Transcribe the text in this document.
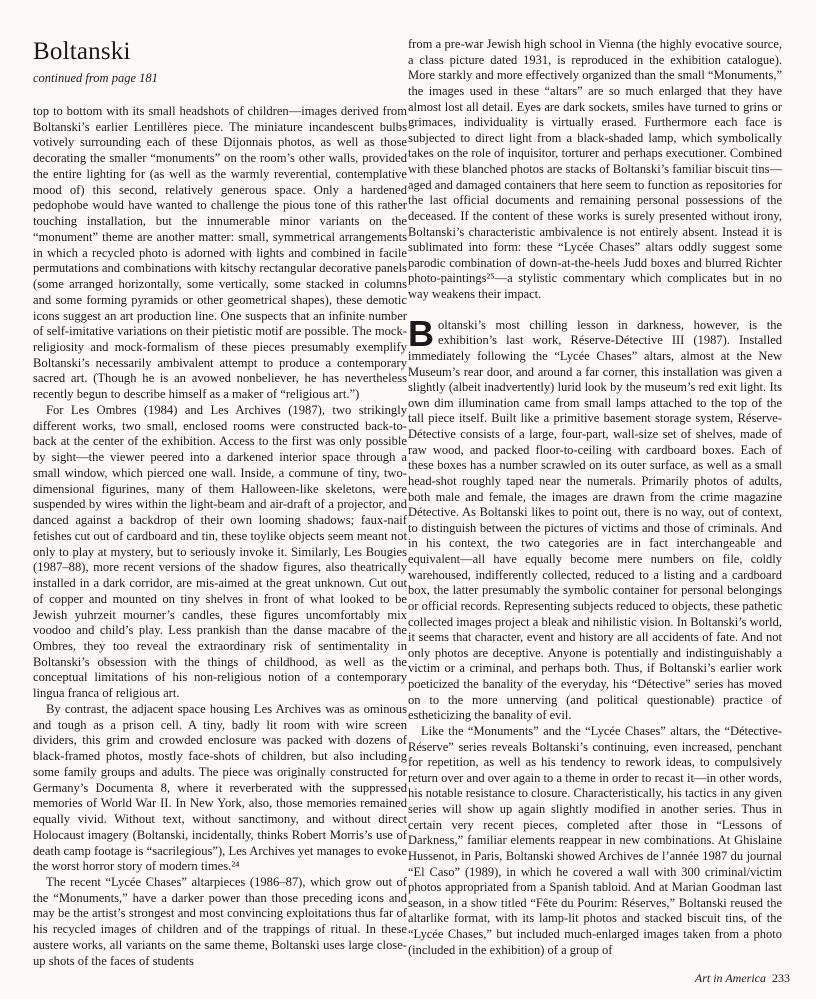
Boltanski
continued from page 181

top to bottom with its small headshots of children—images derived from Boltanski’s earlier Lentillères piece. The miniature incandescent bulbs votively surrounding each of these Dijonnais photos, as well as those decorating the smaller “monuments” on the room’s other walls, provided the entire lighting for (as well as the warmly reverential, contemplative mood of) this second, relatively generous space. Only a hardened pedophobe would have wanted to challenge the pious tone of this rather touching installation, but the innumerable minor variants on the “monument” theme are another matter: small, symmetrical arrangements in which a recycled photo is adorned with lights and combined in facile permutations and combinations with kitschy rectangular decorative panels (some arranged horizontally, some vertically, some stacked in columns and some forming pyramids or other geometrical shapes), these demotic icons suggest an art production line. One suspects that an infinite number of self-imitative variations on their pietistic motif are possible. The mock-religiosity and mock-formalism of these pieces presumably exemplify Boltanski’s necessarily ambivalent attempt to produce a contemporary sacred art. (Though he is an avowed nonbeliever, he has nevertheless recently begun to describe himself as a maker of “religious art.”)

For Les Ombres (1984) and Les Archives (1987), two strikingly different works, two small, enclosed rooms were constructed back-to-back at the center of the exhibition. Access to the first was only possible by sight—the viewer peered into a darkened interior space through a small window, which pierced one wall. Inside, a commune of tiny, two-dimensional figurines, many of them Halloween-like skeletons, were suspended by wires within the light-beam and air-draft of a projector, and danced against a backdrop of their own looming shadows; faux-naif fetishes cut out of cardboard and tin, these toylike objects seem meant not only to play at mystery, but to seriously invoke it. Similarly, Les Bougies (1987–88), more recent versions of the shadow figures, also theatrically installed in a dark corridor, are mis-aimed at the great unknown. Cut out of copper and mounted on tiny shelves in front of what looked to be Jewish yuhrzeit mourner’s candles, these figures uncomfortably mix voodoo and child’s play. Less prankish than the danse macabre of the Ombres, they too reveal the extraordinary risk of sentimentality in Boltanski’s obsession with the things of childhood, as well as the conceptual limitations of his non-religious notion of a contemporary lingua franca of religious art.

By contrast, the adjacent space housing Les Archives was as ominous and tough as a prison cell. A tiny, badly lit room with wire screen dividers, this grim and crowded enclosure was packed with dozens of black-framed photos, mostly face-shots of children, but also including some family groups and adults. The piece was originally constructed for Germany’s Documenta 8, where it reverberated with the suppressed memories of World War II. In New York, also, those memories remained equally vivid. Without text, without sanctimony, and without direct Holocaust imagery (Boltanski, incidentally, thinks Robert Morris’s use of death camp footage is “sacrilegious”), Les Archives yet manages to evoke the worst horror story of modern times.²⁴

The recent “Lycée Chases” altarpieces (1986–87), which grow out of the “Monuments,” have a darker power than those preceding icons and may be the artist’s strongest and most convincing exploitations thus far of his recycled images of children and of the trappings of ritual. In these austere works, all variants on the same theme, Boltanski uses large close-up shots of the faces of students

from a pre-war Jewish high school in Vienna (the highly evocative source, a class picture dated 1931, is reproduced in the exhibition catalogue). More starkly and more effectively organized than the small “Monuments,” the images used in these “altars” are so much enlarged that they have almost lost all detail. Eyes are dark sockets, smiles have turned to grins or grimaces, individuality is virtually erased. Furthermore each face is subjected to direct light from a black-shaded lamp, which symbolically takes on the role of inquisitor, torturer and perhaps executioner. Combined with these blanched photos are stacks of Boltanski’s familiar biscuit tins—aged and damaged containers that here seem to function as repositories for the last official documents and remaining personal possessions of the deceased. If the content of these works is surely presented without irony, Boltanski’s characteristic ambivalence is not entirely absent. Instead it is sublimated into form: these “Lycée Chases” altars oddly suggest some parodic combination of down-at-the-heels Judd boxes and blurred Richter photo-paintings²⁵—a stylistic commentary which complicates but in no way weakens their impact.

Boltanski’s most chilling lesson in darkness, however, is the exhibition’s last work, Réserve-Détective III (1987). Installed immediately following the “Lycée Chases” altars, almost at the New Museum’s rear door, and around a far corner, this installation was given a slightly (albeit inadvertently) lurid look by the museum’s red exit light. Its own dim illumination came from small lamps attached to the top of the tall piece itself. Built like a primitive basement storage system, Réserve-Détective consists of a large, four-part, wall-size set of shelves, made of raw wood, and packed floor-to-ceiling with cardboard boxes. Each of these boxes has a number scrawled on its outer surface, as well as a small head-shot roughly taped near the numerals. Primarily photos of adults, both male and female, the images are drawn from the crime magazine Détective. As Boltanski likes to point out, there is no way, out of context, to distinguish between the pictures of victims and those of criminals. And in his context, the two categories are in fact interchangeable and equivalent—all have equally become mere numbers on file, coldly warehoused, indifferently collected, reduced to a listing and a cardboard box, the latter presumably the symbolic container for personal belongings or official records. Representing subjects reduced to objects, these pathetic collected images project a bleak and nihilistic vision. In Boltanski’s world, it seems that character, event and history are all accidents of fate. And not only photos are deceptive. Anyone is potentially and indistinguishably a victim or a criminal, and perhaps both. Thus, if Boltanski’s earlier work poeticized the banality of the everyday, his “Détective” series has moved on to the more unnerving (and political questionable) practice of estheticizing the banality of evil.

Like the “Monuments” and the “Lycée Chases” altars, the “Détective-Réserve” series reveals Boltanski’s continuing, even increased, penchant for repetition, as well as his tendency to rework ideas, to compulsively return over and over again to a theme in order to recast it—in other words, his notable resistance to closure. Characteristically, his tactics in any given series will show up again slightly modified in another series. Thus in certain very recent pieces, completed after those in “Lessons of Darkness,” familiar elements reappear in new combinations. At Ghislaine Hussenot, in Paris, Boltanski showed Archives de l’année 1987 du journal “El Caso” (1989), in which he covered a wall with 300 criminal/victim photos appropriated from a Spanish tabloid. And at Marian Goodman last season, in a show titled “Fête du Pourim: Réserves,” Boltanski reused the altarlike format, with its lamp-lit photos and stacked biscuit tins, of the “Lycée Chases,” but included much-enlarged images taken from a photo (included in the exhibition) of a group of

Art in America 233
